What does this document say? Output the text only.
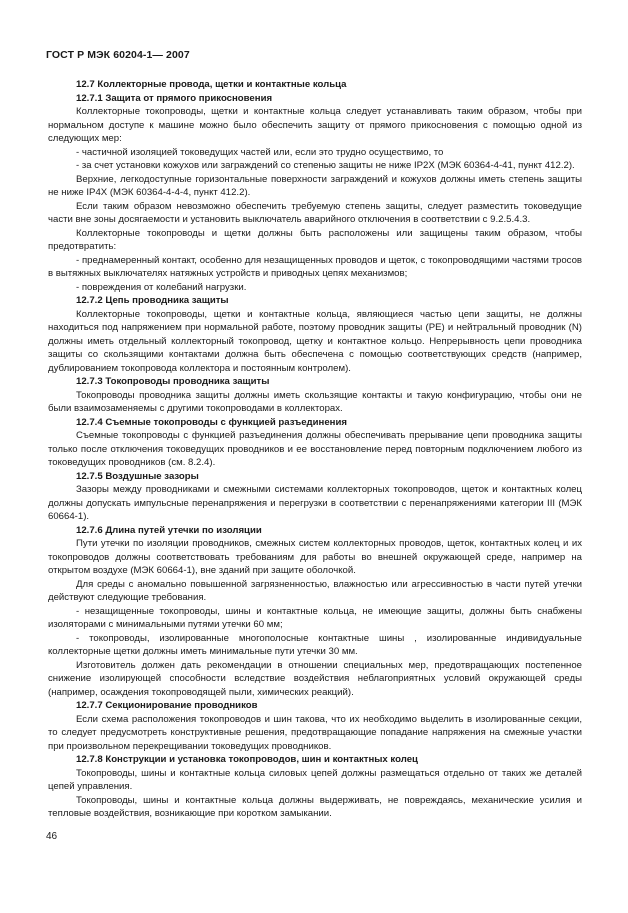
ГОСТ Р МЭК 60204-1— 2007

12.7 Коллекторные провода, щетки и контактные кольца

12.7.1 Защита от прямого прикосновения

Коллекторные токопроводы, щетки и контактные кольца следует устанавливать таким образом, чтобы при нормальном доступе к машине можно было обеспечить защиту от прямого прикосновения с помощью одной из следующих мер:

- частичной изоляцией токоведущих частей или, если это трудно осуществимо, то

- за счет установки кожухов или заграждений со степенью защиты не ниже IP2X (МЭК 60364-4-41, пункт 412.2).

Верхние, легкодоступные горизонтальные поверхности заграждений и кожухов должны иметь степень защиты не ниже IP4X (МЭК 60364-4-4-4, пункт 412.2).

Если таким образом невозможно обеспечить требуемую степень защиты, следует разместить токоведущие части вне зоны досягаемости и установить выключатель аварийного отключения в соответствии с 9.2.5.4.3.

Коллекторные токопроводы и щетки должны быть расположены или защищены таким образом, чтобы предотвратить:

- преднамеренный контакт, особенно для незащищенных проводов и щеток, с токопроводящими частями тросов в вытяжных выключателях натяжных устройств и приводных цепях механизмов;

- повреждения от колебаний нагрузки.

12.7.2 Цепь проводника защиты

Коллекторные токопроводы, щетки и контактные кольца, являющиеся частью цепи защиты, не должны находиться под напряжением при нормальной работе, поэтому проводник защиты (PE) и нейтральный проводник (N) должны иметь отдельный коллекторный токопровод, щетку и контактное кольцо. Непрерывность цепи проводника защиты со скользящими контактами должна быть обеспечена с помощью соответствующих средств (например, дублированием токопровода коллектора и постоянным контролем).

12.7.3 Токопроводы проводника защиты

Токопроводы проводника защиты должны иметь скользящие контакты и такую конфигурацию, чтобы они не были взаимозаменяемы с другими токопроводами в коллекторах.

12.7.4 Съемные токопроводы с функцией разъединения

Съемные токопроводы с функцией разъединения должны обеспечивать прерывание цепи проводника защиты только после отключения токоведущих проводников и ее восстановление перед повторным подключением любого из токоведущих проводников (см. 8.2.4).

12.7.5 Воздушные зазоры

Зазоры между проводниками и смежными системами коллекторных токопроводов, щеток и контактных колец должны допускать импульсные перенапряжения и перегрузки в соответствии с перенапряжениями категории III (МЭК 60664-1).

12.7.6 Длина путей утечки по изоляции

Пути утечки по изоляции проводников, смежных систем коллекторных проводов, щеток, контактных колец и их токопроводов должны соответствовать требованиям для работы во внешней окружающей среде, например на открытом воздухе (МЭК 60664-1), вне зданий при защите оболочкой.

Для среды с аномально повышенной загрязненностью, влажностью или агрессивностью в части путей утечки действуют следующие требования.

- незащищенные токопроводы, шины и контактные кольца, не имеющие защиты, должны быть снабжены изоляторами с минимальными путями утечки 60 мм;

- токопроводы, изолированные многополосные контактные шины , изолированные индивидуальные коллекторные щетки должны иметь минимальные пути утечки 30 мм.

Изготовитель должен дать рекомендации в отношении специальных мер, предотвращающих постепенное снижение изолирующей способности вследствие воздействия неблагоприятных условий окружающей среды (например, осаждения токопроводящей пыли, химических реакций).

12.7.7 Секционирование проводников

Если схема расположения токопроводов и шин такова, что их необходимо выделить в изолированные секции, то следует предусмотреть конструктивные решения, предотвращающие попадание напряжения на смежные участки при произвольном перекрещивании токоведущих проводников.

12.7.8 Конструкции и установка токопроводов, шин и контактных колец

Токопроводы, шины и контактные кольца силовых цепей должны размещаться отдельно от таких же деталей цепей управления.

Токопроводы, шины и контактные кольца должны выдерживать, не повреждаясь, механические усилия и тепловые воздействия, возникающие при коротком замыкании.

46
